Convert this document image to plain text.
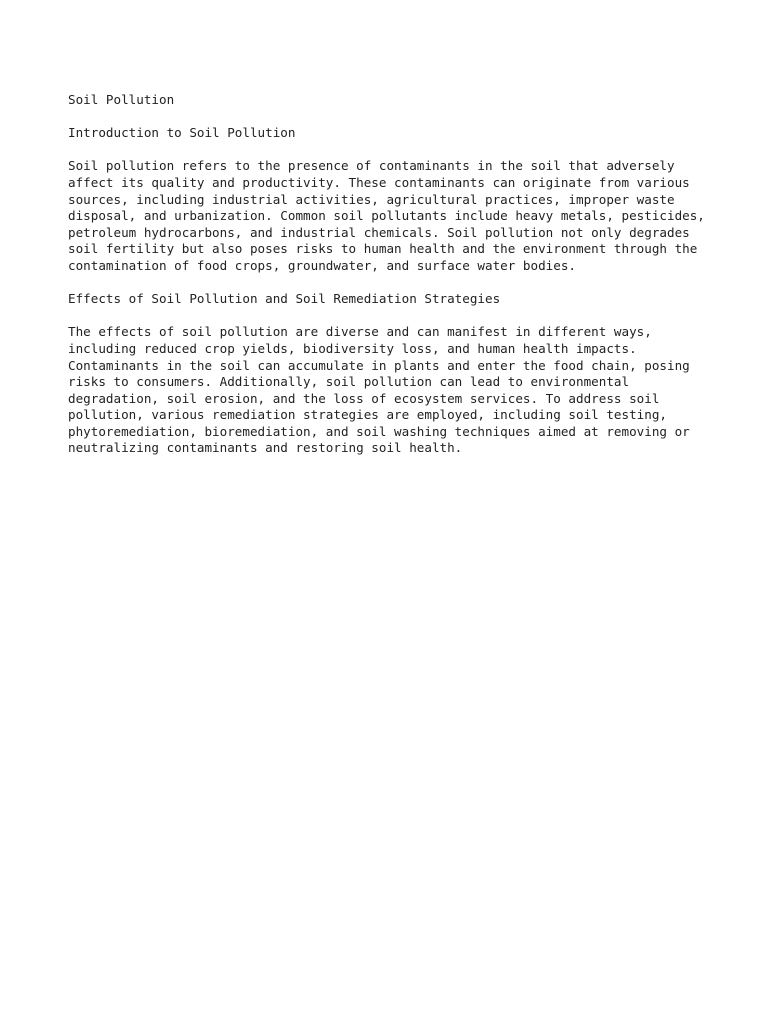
Soil Pollution

Introduction to Soil Pollution

Soil pollution refers to the presence of contaminants in the soil that adversely
affect its quality and productivity. These contaminants can originate from various
sources, including industrial activities, agricultural practices, improper waste
disposal, and urbanization. Common soil pollutants include heavy metals, pesticides,
petroleum hydrocarbons, and industrial chemicals. Soil pollution not only degrades
soil fertility but also poses risks to human health and the environment through the
contamination of food crops, groundwater, and surface water bodies.

Effects of Soil Pollution and Soil Remediation Strategies

The effects of soil pollution are diverse and can manifest in different ways,
including reduced crop yields, biodiversity loss, and human health impacts.
Contaminants in the soil can accumulate in plants and enter the food chain, posing
risks to consumers. Additionally, soil pollution can lead to environmental
degradation, soil erosion, and the loss of ecosystem services. To address soil
pollution, various remediation strategies are employed, including soil testing,
phytoremediation, bioremediation, and soil washing techniques aimed at removing or
neutralizing contaminants and restoring soil health.
